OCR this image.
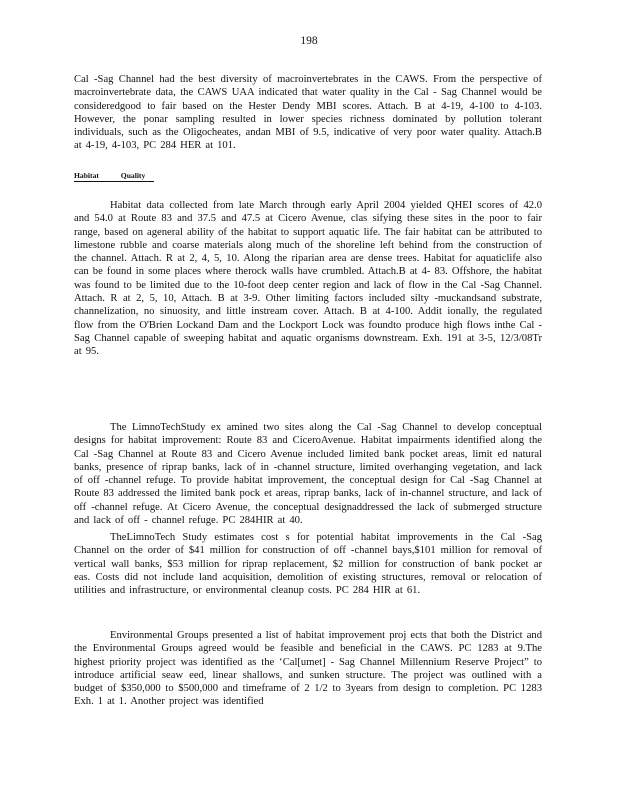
198

Cal -Sag Channel had the best diversity of macroinvertebrates in the CAWS. From the perspective of macroinvertebrate data, the CAWS UAA indicated that water quality in the Cal - Sag Channel would be consideredgood to fair based on the Hester Dendy MBI scores. Attach. B at 4-19, 4-100 to 4-103. However, the ponar sampling resulted in lower species richness dominated by pollution tolerant individuals, such as the Oligocheates, andan MBI of 9.5, indicative of very poor water quality. Attach.B at 4-19, 4-103, PC 284 HER at 101.

Habitat Quality

Habitat data collected from late March through early April 2004 yielded QHEI scores of 42.0 and 54.0 at Route 83 and 37.5 and 47.5 at Cicero Avenue, clas sifying these sites in the poor to fair range, based on ageneral ability of the habitat to support aquatic life. The fair habitat can be attributed to limestone rubble and coarse materials along much of the shoreline left behind from the construction of the channel. Attach. R at 2, 4, 5, 10. Along the riparian area are dense trees. Habitat for aquaticlife also can be found in some places where therock walls have crumbled. Attach.B at 4- 83. Offshore, the habitat was found to be limited due to the 10-foot deep center region and lack of flow in the Cal -Sag Channel. Attach. R at 2, 5, 10, Attach. B at 3-9. Other limiting factors included silty -muckandsand substrate, channelization, no sinuosity, and little instream cover. Attach. B at 4-100. Addit ionally, the regulated flow from the O'Brien Lockand Dam and the Lockport Lock was foundto produce high flows inthe Cal -Sag Channel capable of sweeping habitat and aquatic organisms downstream. Exh. 191 at 3-5, 12/3/08Tr at 95.

The LimnoTechStudy ex amined two sites along the Cal -Sag Channel to develop conceptual designs for habitat improvement: Route 83 and CiceroAvenue. Habitat impairments identified along the Cal -Sag Channel at Route 83 and Cicero Avenue included limited bank pocket areas, limit ed natural banks, presence of riprap banks, lack of in -channel structure, limited overhanging vegetation, and lack of off -channel refuge. To provide habitat improvement, the conceptual design for Cal -Sag Channel at Route 83 addressed the limited bank pock et areas, riprap banks, lack of in-channel structure, and lack of off -channel refuge. At Cicero Avenue, the conceptual designaddressed the lack of submerged structure and lack of off - channel refuge. PC 284HIR at 40.

TheLimnoTech Study estimates cost s for potential habitat improvements in the Cal -Sag Channel on the order of $41 million for construction of off -channel bays,$101 million for removal of vertical wall banks, $53 million for riprap replacement, $2 million for construction of bank pocket ar eas. Costs did not include land acquisition, demolition of existing structures, removal or relocation of utilities and infrastructure, or environmental cleanup costs. PC 284 HIR at 61.

Environmental Groups presented a list of habitat improvement proj ects that both the District and the Environmental Groups agreed would be feasible and beneficial in the CAWS. PC 1283 at 9.The highest priority project was identified as the ‘Cal[umet] - Sag Channel Millennium Reserve Project” to introduce artificial seaw eed, linear shallows, and sunken structure. The project was outlined with a budget of $350,000 to $500,000 and timeframe of 2 1/2 to 3years from design to completion. PC 1283 Exh. 1 at 1. Another project was identified
